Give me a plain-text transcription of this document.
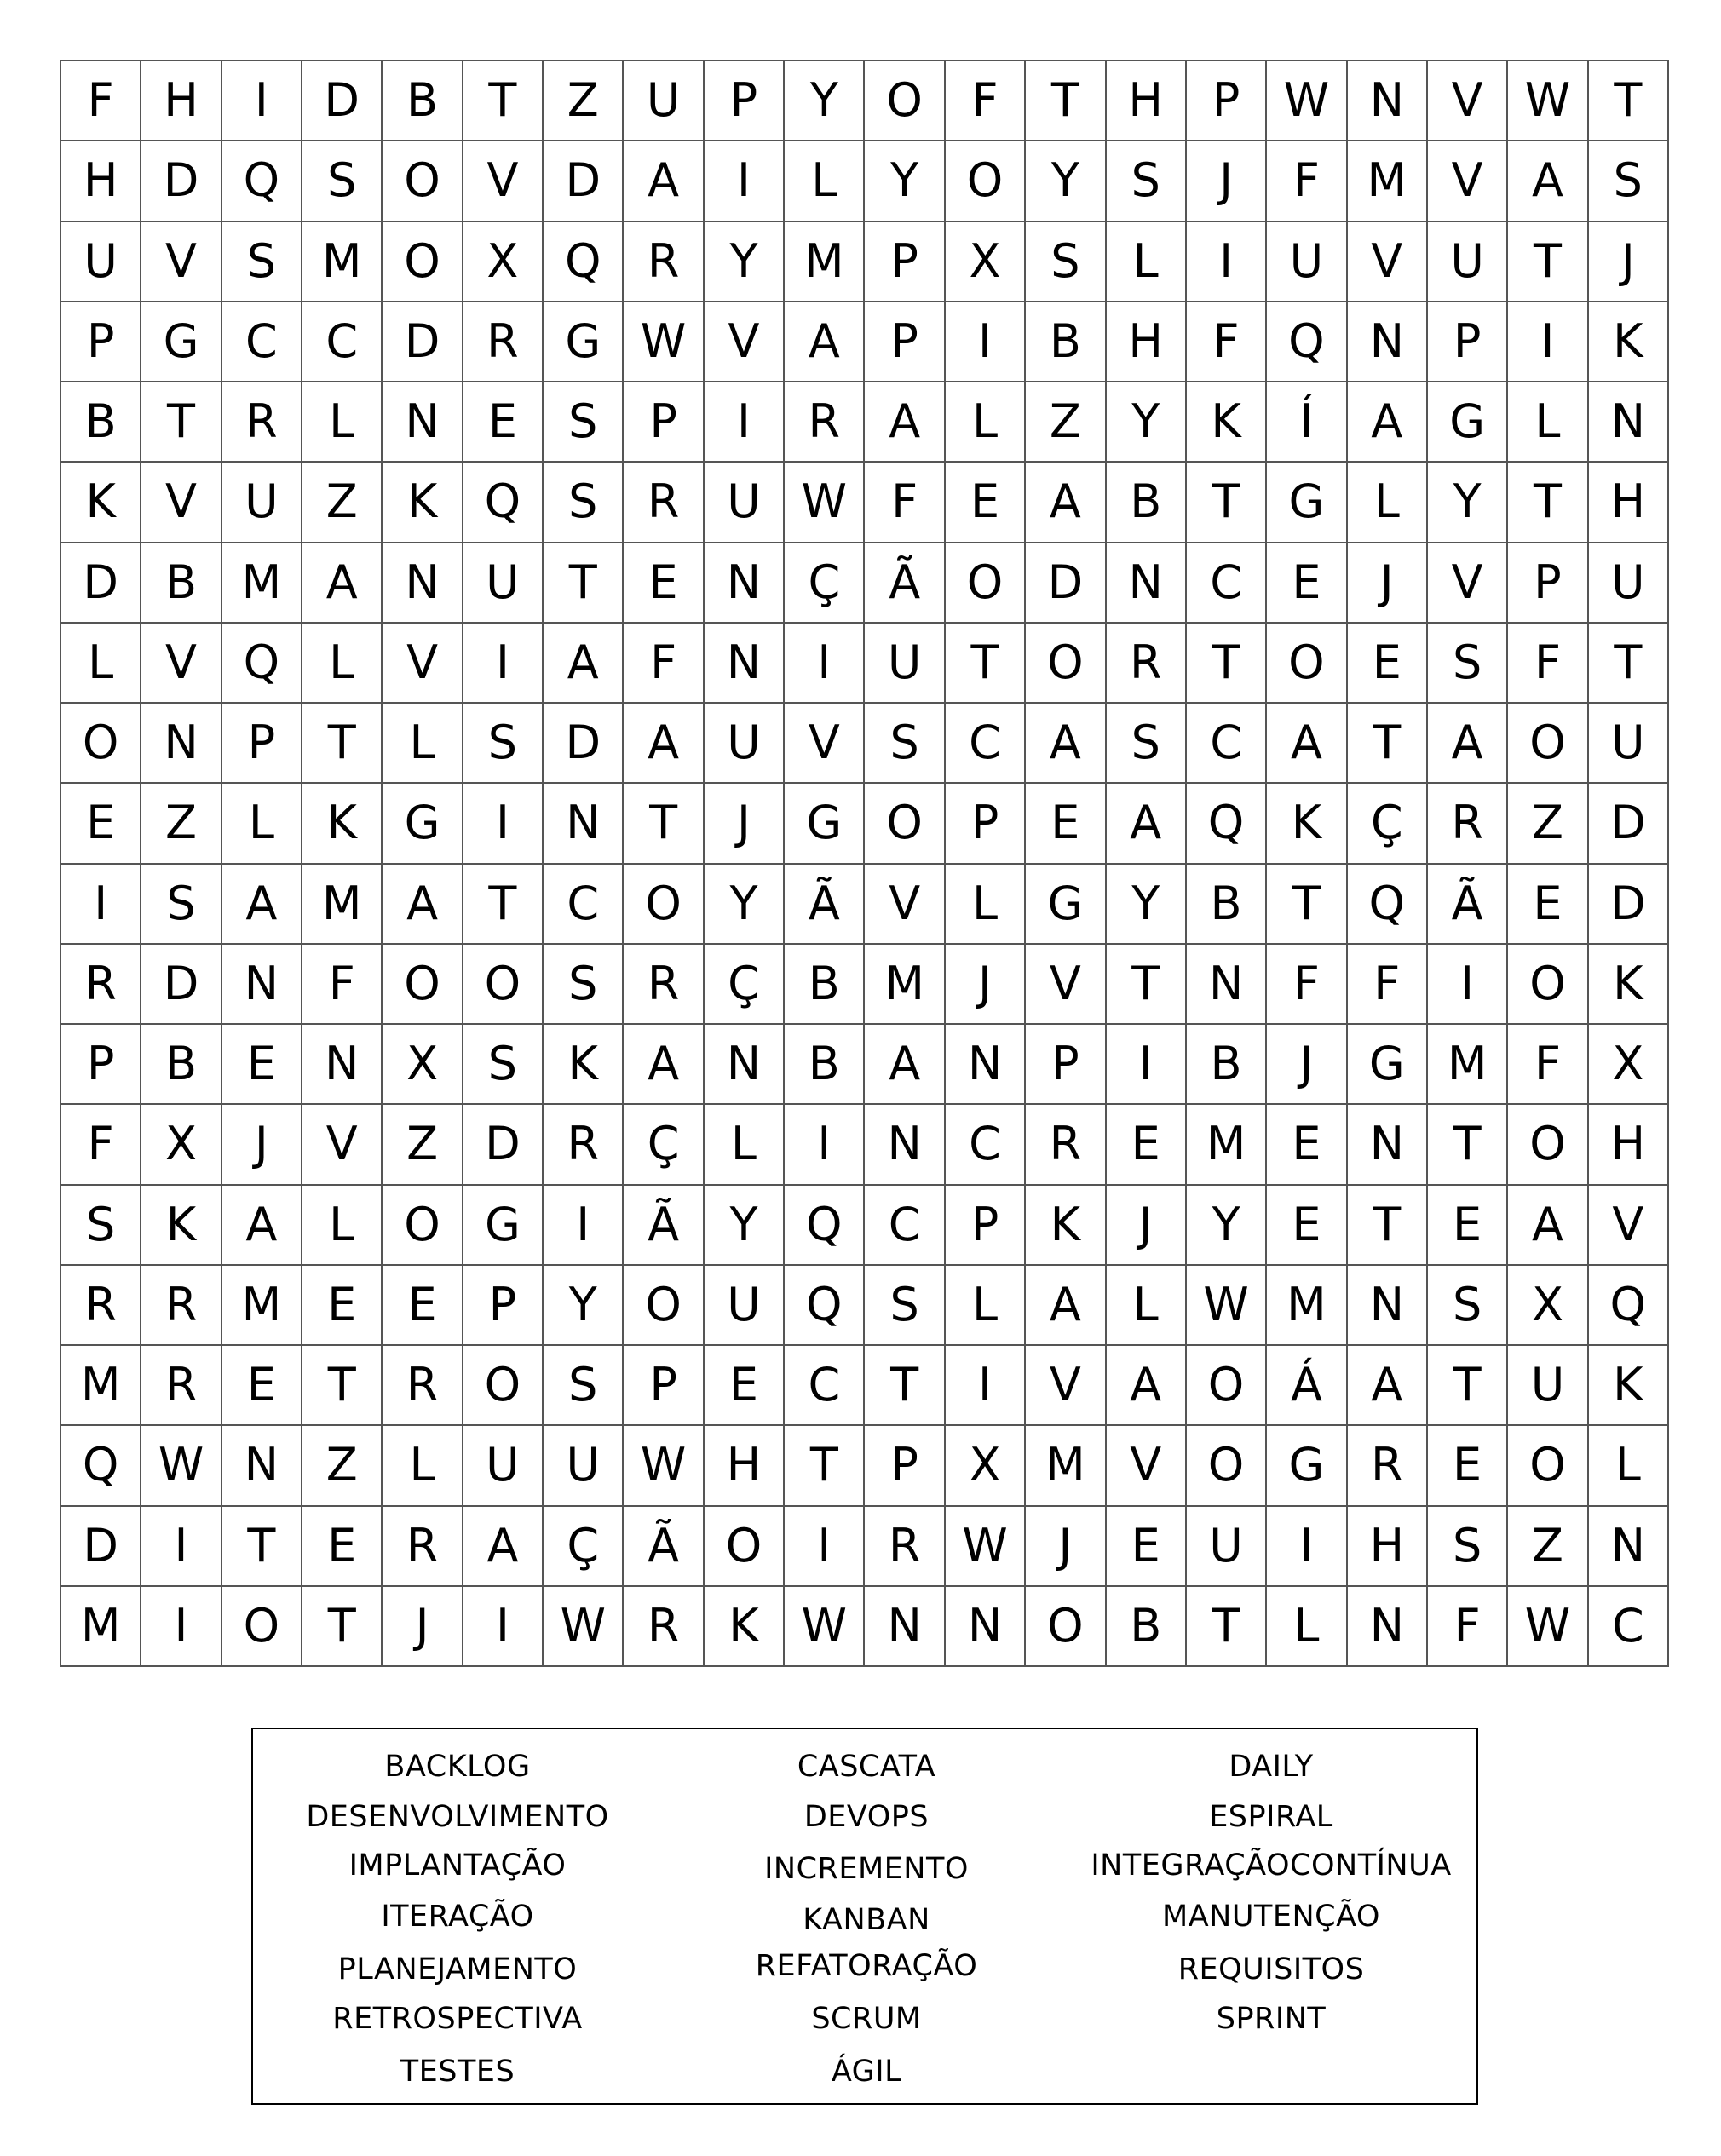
F	H	I	D	B	T	Z	U	P	Y	O	F	T	H	P W N	V W T
H D Q	S	O	V	D	A	I	L	Y	O	Y	S	J	F	M V	A	S
U	V	S M O	X	Q	R	Y	M	P	X	S	L	I	U	V	U	T	J
P	G	C	C	D	R	G W V	A	P	I	B	H	F	Q N	P	I	K
B	T	R	L	N	E	S	P	I	R	A	L	Z	Y	K	Í	A	G	L	N
K	V	U	Z	K	Q	S	R	U W F	E	A	B	T	G	L	Y	T	H
D	B M A	N	U	T	E	N	Ç	Ã	O D N	C	E	J	V	P	U
L	V	Q	L	V	I	A	F	N	I	U	T	O	R	T	O	E	S	F	T
O N	P	T	L	S	D	A	U	V	S	C	A	S	C	A	T	A	O U
E	Z	L	K	G	I	N	T	J	G O	P	E	A	Q	K	Ç	R	Z	D
I	S	A M A	T	C	O	Y	Ã	V	L	G	Y	B	T	Q	Ã	E	D
R	D N	F	O O	S	R	Ç	B M	J	V	T	N	F	F	I	O	K
P	B	E	N	X	S	K	A	N	B	A	N	P	I	B	J	G M	F	X
F	X	J	V	Z	D	R	Ç	L	I	N	C	R	E M E	N	T	O H
S	K	A	L	O G	I	Ã	Y	Q	C	P	K	J	Y	E	T	E	A	V
R	R M	E	E	P	Y	O U Q	S	L	A	L W M N	S	X	Q
M R	E	T	R	O	S	P	E	C	T	I	V	A	O	Á	A	T	U	K
Q W N	Z	L	U	U W H	T	P	X M V	O G	R	E	O	L
D	I	T	E	R	A	Ç	Ã	O	I	R W	J	E	U	I	H	S	Z	N
M	I	O	T	J	I	W R	K W N N O	B	T	L	N	F W C
BACKLOG	CASCATA	DAILY
DESENVOLVIMENTO	DEVOPS	ESPIRAL
IMPLANTAÇÃO	INCREMENTO	INTEGRAÇÃOCONTÍNUA
ITERAÇÃO	KANBAN	MANUTENÇÃO
PLANEJAMENTO	REFATORAÇÃO	REQUISITOS
RETROSPECTIVA	SCRUM	SPRINT
TESTES	ÁGIL
